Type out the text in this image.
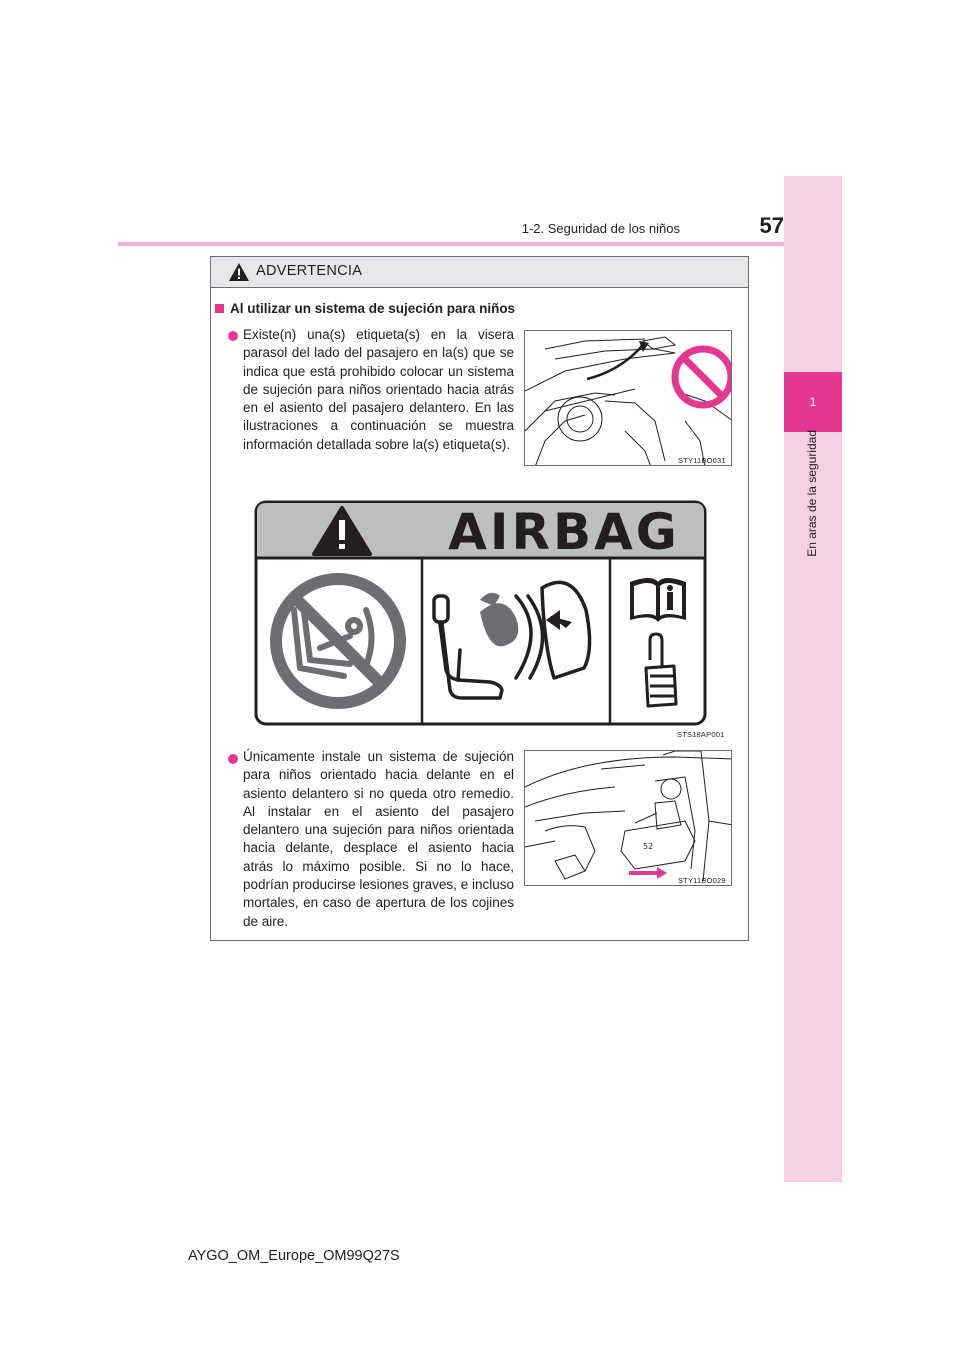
1-2. Seguridad de los niños	57
1
En aras de la seguridad
ADVERTENCIA
Al utilizar un sistema de sujeción para niños
Existe(n) una(s) etiqueta(s) en la visera parasol del lado del pasajero en la(s) que se indica que está prohibido colocar un sistema de sujeción para niños orientado hacia atrás en el asiento del pasajero delantero. En las ilustraciones a continuación se muestra información detallada sobre la(s) etiqueta(s).
STY11BO031
AIRBAG
STS18AP001
Únicamente instale un sistema de sujeción para niños orientado hacia delante en el asiento delantero si no queda otro remedio. Al instalar en el asiento del pasajero delantero una sujeción para niños orientada hacia delante, desplace el asiento hacia atrás lo máximo posible. Si no lo hace, podrían producirse lesiones graves, e incluso mortales, en caso de apertura de los cojines de aire.
52
STY11BO029
AYGO_OM_Europe_OM99Q27S
